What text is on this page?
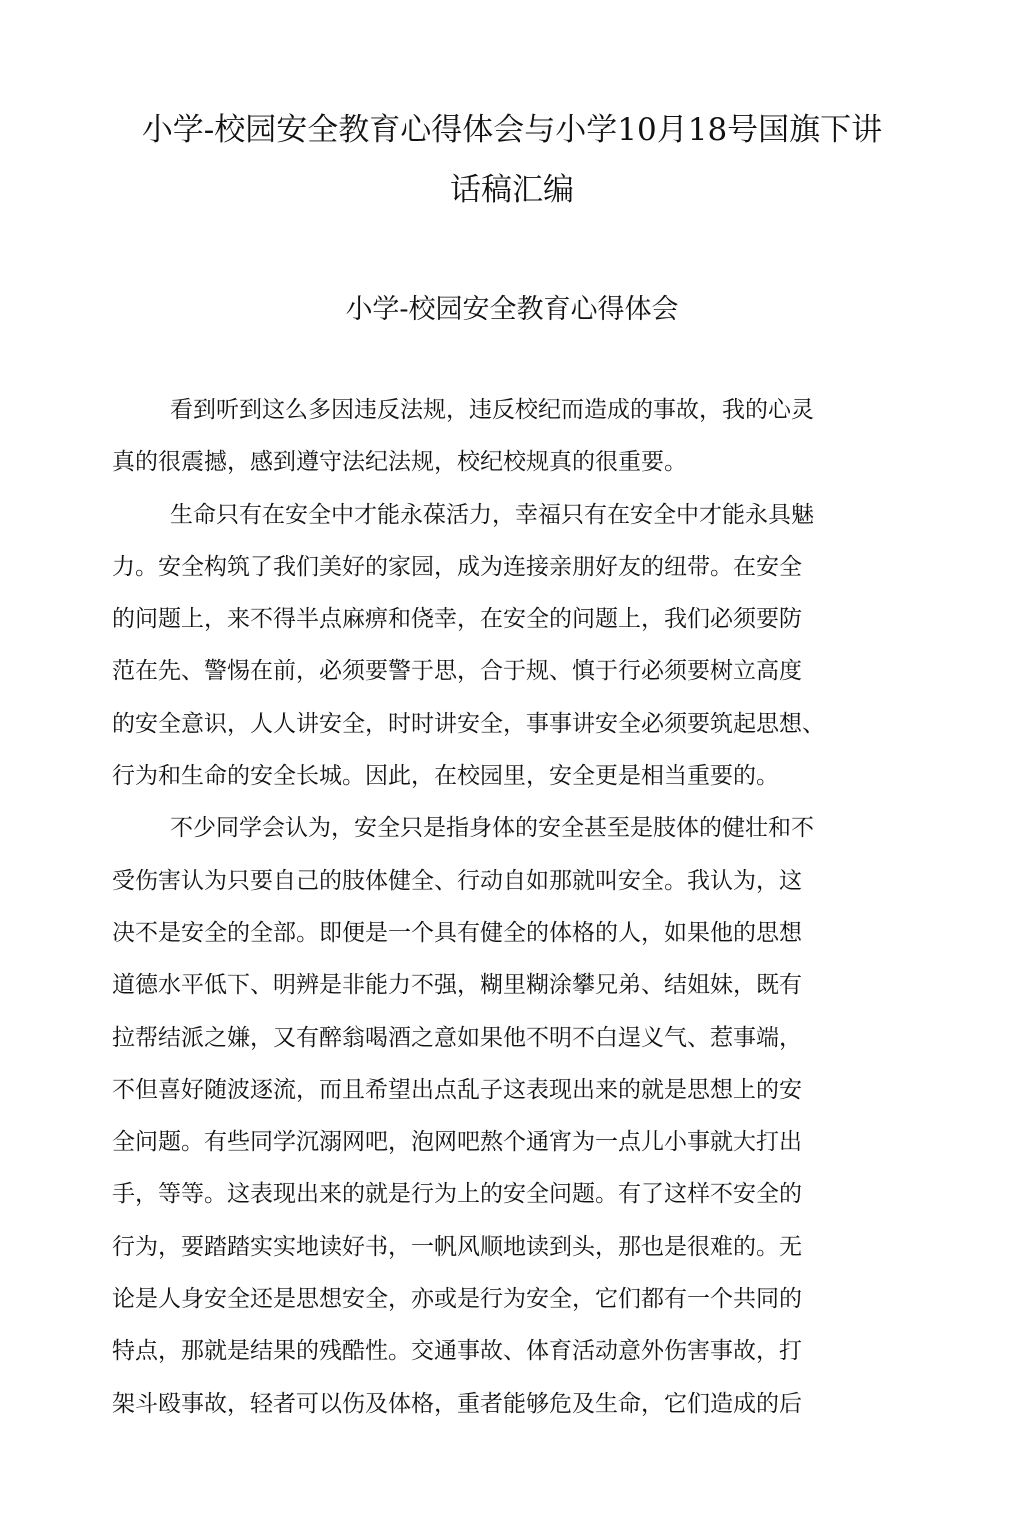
小学-校园安全教育心得体会与小学10月18号国旗下讲
话稿汇编
小学-校园安全教育心得体会

看到听到这么多因违反法规，违反校纪而造成的事故，我的心灵
真的很震撼，感到遵守法纪法规，校纪校规真的很重要。

生命只有在安全中才能永葆活力，幸福只有在安全中才能永具魅
力。安全构筑了我们美好的家园，成为连接亲朋好友的纽带。在安全
的问题上，来不得半点麻痹和侥幸，在安全的问题上，我们必须要防
范在先、警惕在前，必须要警于思，合于规、慎于行必须要树立高度
的安全意识，人人讲安全，时时讲安全，事事讲安全必须要筑起思想、
行为和生命的安全长城。因此，在校园里，安全更是相当重要的。

不少同学会认为，安全只是指身体的安全甚至是肢体的健壮和不
受伤害认为只要自己的肢体健全、行动自如那就叫安全。我认为，这
决不是安全的全部。即便是一个具有健全的体格的人，如果他的思想
道德水平低下、明辨是非能力不强，糊里糊涂攀兄弟、结姐妹，既有
拉帮结派之嫌，又有醉翁喝酒之意如果他不明不白逞义气、惹事端，
不但喜好随波逐流，而且希望出点乱子这表现出来的就是思想上的安
全问题。有些同学沉溺网吧，泡网吧熬个通宵为一点儿小事就大打出
手，等等。这表现出来的就是行为上的安全问题。有了这样不安全的
行为，要踏踏实实地读好书，一帆风顺地读到头，那也是很难的。无
论是人身安全还是思想安全，亦或是行为安全，它们都有一个共同的
特点，那就是结果的残酷性。交通事故、体育活动意外伤害事故，打
架斗殴事故，轻者可以伤及体格，重者能够危及生命，它们造成的后
